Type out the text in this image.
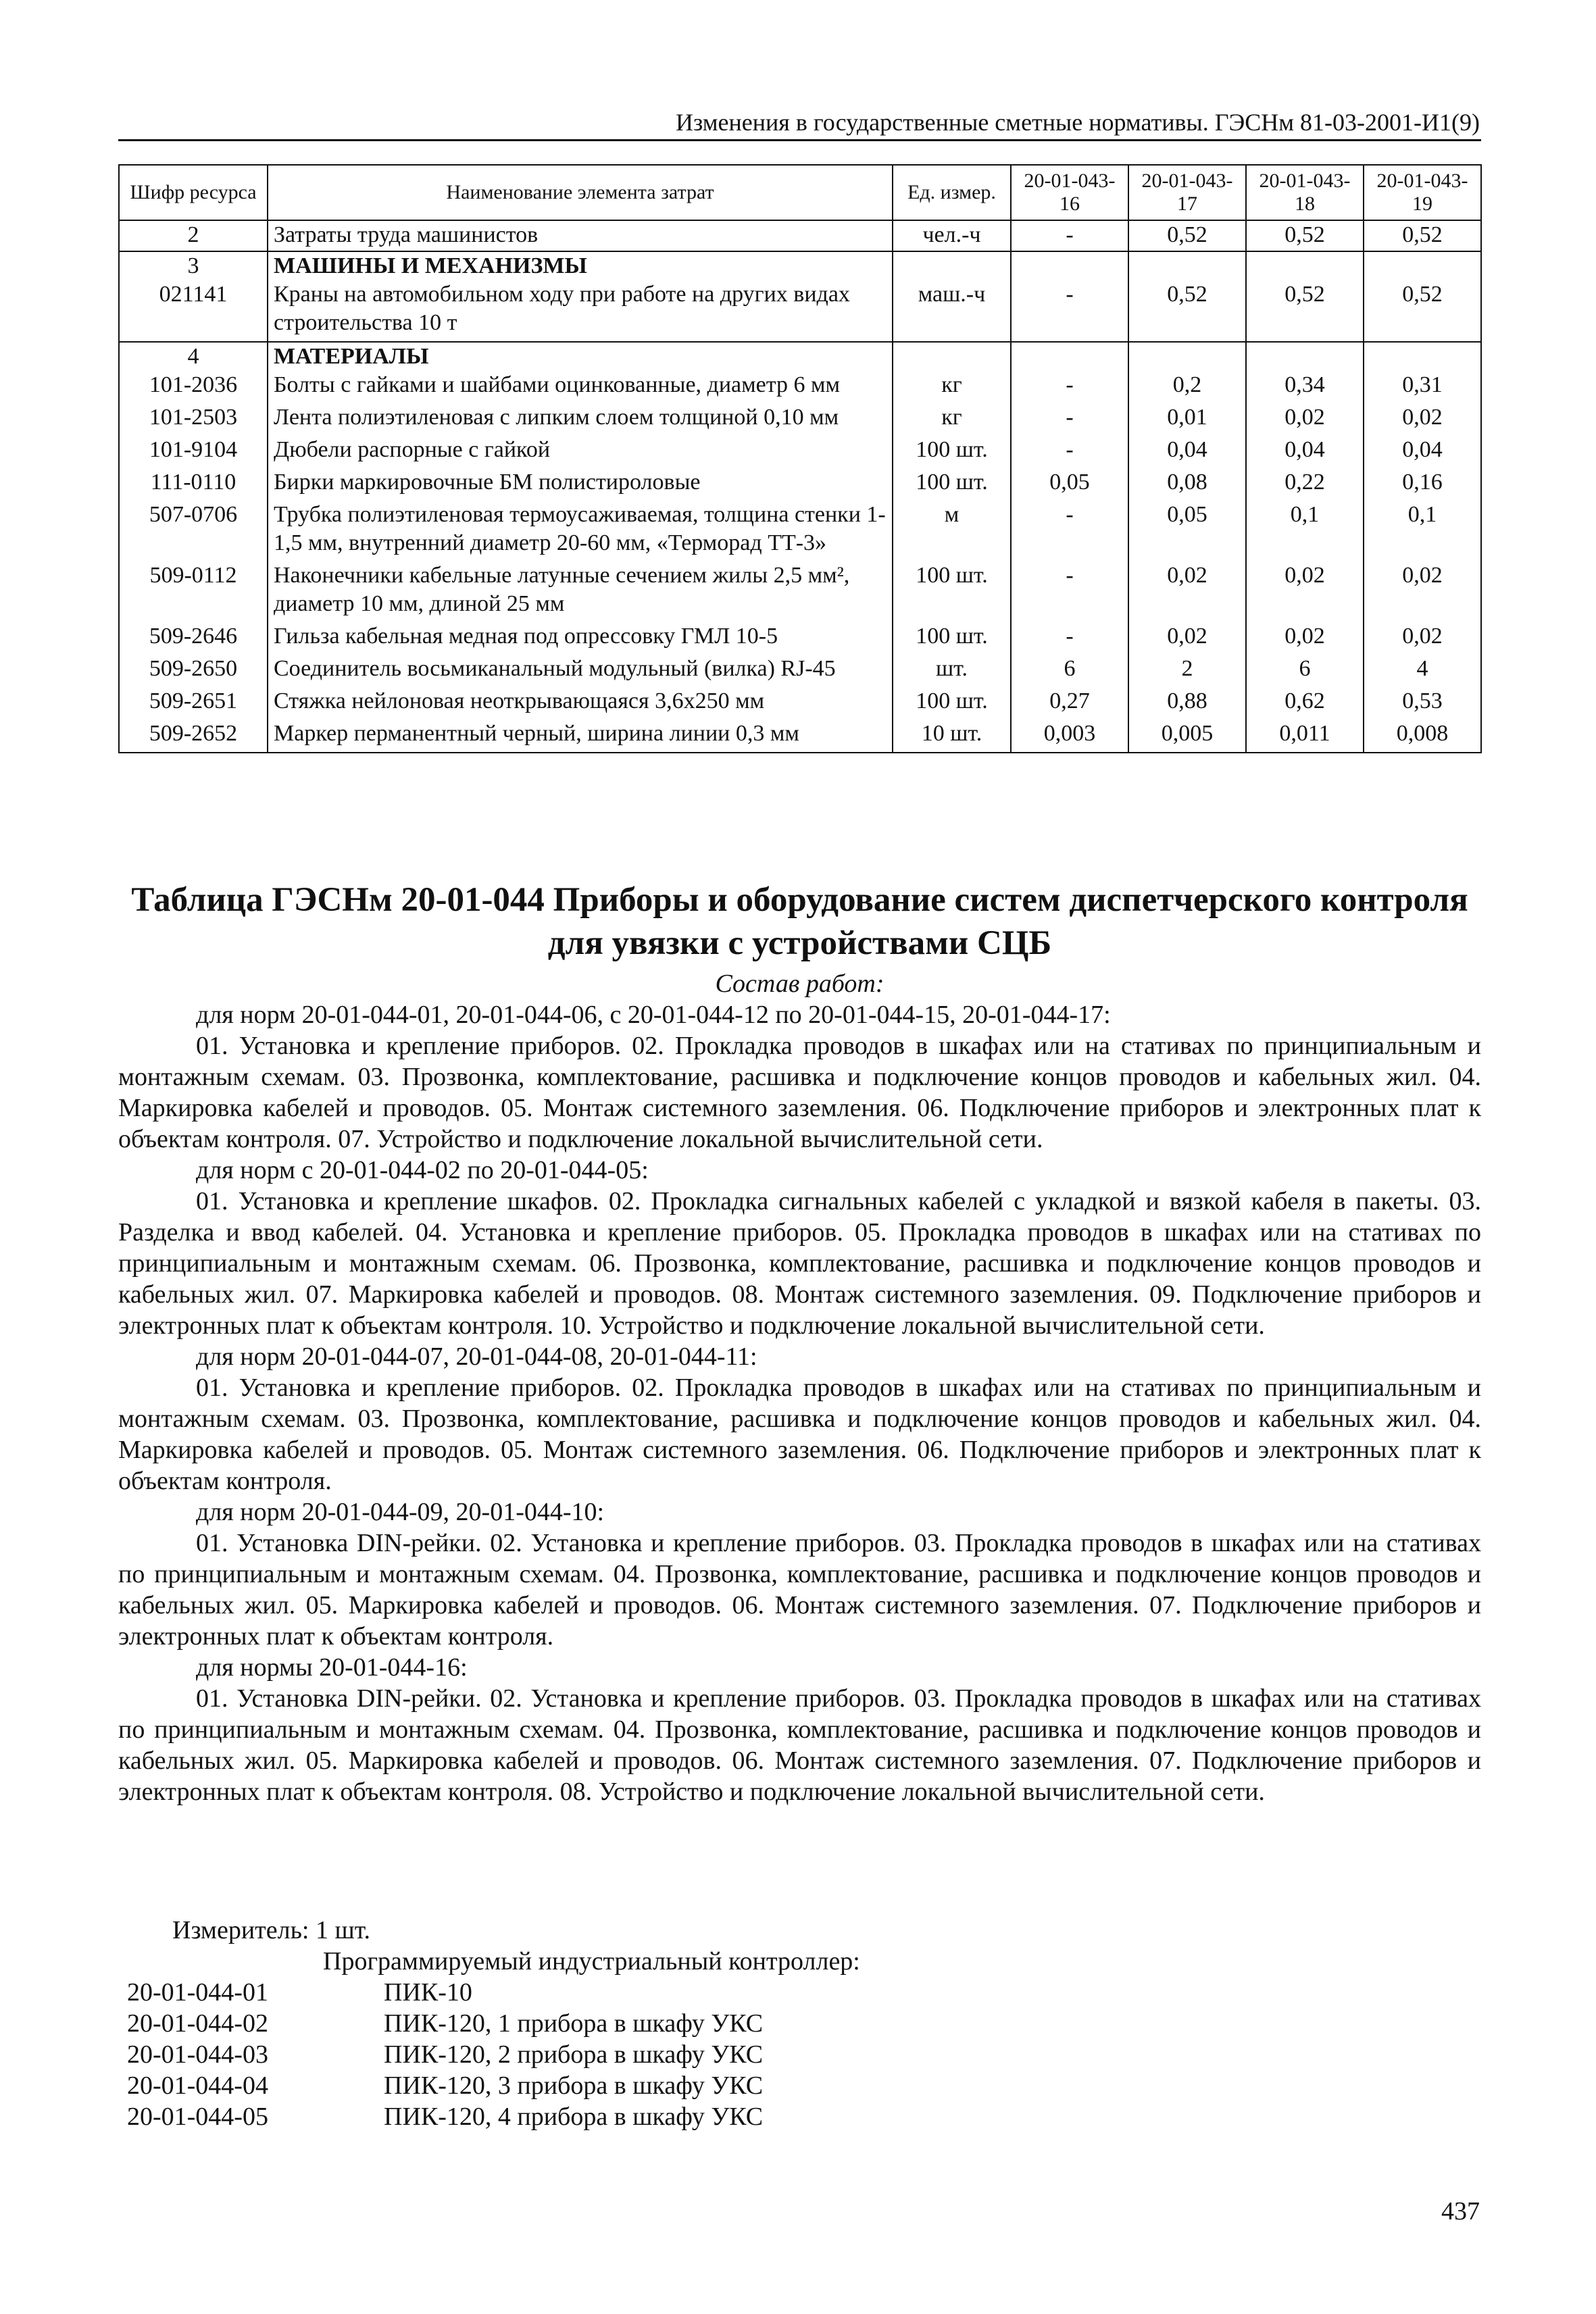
Изменения в государственные сметные нормативы. ГЭСНм 81-03-2001-И1(9)
Шифр ресурса	Наименование элемента затрат	Ед. измер.	20-01-043-16	20-01-043-17	20-01-043-18	20-01-043-19
2	Затраты труда машинистов	чел.-ч	-	0,52	0,52	0,52
3	МАШИНЫ И МЕХАНИЗМЫ					
021141	Краны на автомобильном ходу при работе на других видах строительства 10 т	маш.-ч	-	0,52	0,52	0,52
4	МАТЕРИАЛЫ					
101-2036	Болты с гайками и шайбами оцинкованные, диаметр 6 мм	кг	-	0,2	0,34	0,31
101-2503	Лента полиэтиленовая с липким слоем толщиной 0,10 мм	кг	-	0,01	0,02	0,02
101-9104	Дюбели распорные с гайкой	100 шт.	-	0,04	0,04	0,04
111-0110	Бирки маркировочные БМ полистироловые	100 шт.	0,05	0,08	0,22	0,16
507-0706	Трубка полиэтиленовая термоусаживаемая, толщина стенки 1-1,5 мм, внутренний диаметр 20-60 мм, «Терморад ТТ-3»	м	-	0,05	0,1	0,1
509-0112	Наконечники кабельные латунные сечением жилы 2,5 мм², диаметр 10 мм, длиной 25 мм	100 шт.	-	0,02	0,02	0,02
509-2646	Гильза кабельная медная под опрессовку ГМЛ 10-5	100 шт.	-	0,02	0,02	0,02
509-2650	Соединитель восьмиканальный модульный (вилка) RJ-45	шт.	6	2	6	4
509-2651	Стяжка нейлоновая неоткрывающаяся 3,6х250 мм	100 шт.	0,27	0,88	0,62	0,53
509-2652	Маркер перманентный черный, ширина линии 0,3 мм	10 шт.	0,003	0,005	0,011	0,008
Таблица ГЭСНм 20-01-044 Приборы и оборудование систем диспетчерского контроля
для увязки с устройствами СЦБ
Состав работ:

для норм 20-01-044-01, 20-01-044-06, с 20-01-044-12 по 20-01-044-15, 20-01-044-17:

01. Установка и крепление приборов. 02. Прокладка проводов в шкафах или на стативах по принципиальным и монтажным схемам. 03. Прозвонка, комплектование, расшивка и подключение концов проводов и кабельных жил. 04. Маркировка кабелей и проводов. 05. Монтаж системного заземления. 06. Подключение приборов и электронных плат к объектам контроля. 07. Устройство и подключение локальной вычислительной сети.

для норм с 20-01-044-02 по 20-01-044-05:

01. Установка и крепление шкафов. 02. Прокладка сигнальных кабелей с укладкой и вязкой кабеля в пакеты. 03. Разделка и ввод кабелей. 04. Установка и крепление приборов. 05. Прокладка проводов в шкафах или на стативах по принципиальным и монтажным схемам. 06. Прозвонка, комплектование, расшивка и подключение концов проводов и кабельных жил. 07. Маркировка кабелей и проводов. 08. Монтаж системного заземления. 09. Подключение приборов и электронных плат к объектам контроля. 10. Устройство и подключение локальной вычислительной сети.

для норм 20-01-044-07, 20-01-044-08, 20-01-044-11:

01. Установка и крепление приборов. 02. Прокладка проводов в шкафах или на стативах по принципиальным и монтажным схемам. 03. Прозвонка, комплектование, расшивка и подключение концов проводов и кабельных жил. 04. Маркировка кабелей и проводов. 05. Монтаж системного заземления. 06. Подключение приборов и электронных плат к объектам контроля.

для норм 20-01-044-09, 20-01-044-10:

01. Установка DIN-рейки. 02. Установка и крепление приборов. 03. Прокладка проводов в шкафах или на стативах по принципиальным и монтажным схемам. 04. Прозвонка, комплектование, расшивка и подключение концов проводов и кабельных жил. 05. Маркировка кабелей и проводов. 06. Монтаж системного заземления. 07. Подключение приборов и электронных плат к объектам контроля.

для нормы 20-01-044-16:

01. Установка DIN-рейки. 02. Установка и крепление приборов. 03. Прокладка проводов в шкафах или на стативах по принципиальным и монтажным схемам. 04. Прозвонка, комплектование, расшивка и подключение концов проводов и кабельных жил. 05. Маркировка кабелей и проводов. 06. Монтаж системного заземления. 07. Подключение приборов и электронных плат к объектам контроля. 08. Устройство и подключение локальной вычислительной сети.

Измеритель: 1 шт.
Программируемый индустриальный контроллер:
20-01-044-01	ПИК-10
20-01-044-02	ПИК-120, 1 прибора в шкафу УКС
20-01-044-03	ПИК-120, 2 прибора в шкафу УКС
20-01-044-04	ПИК-120, 3 прибора в шкафу УКС
20-01-044-05	ПИК-120, 4 прибора в шкафу УКС
437
